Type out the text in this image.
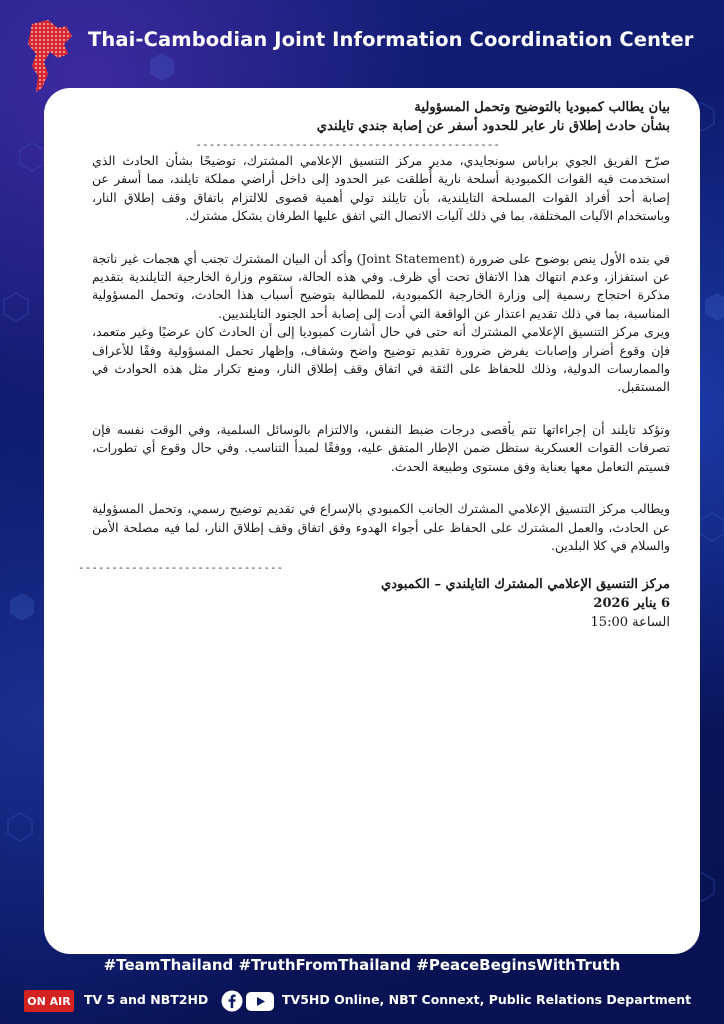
Thai-Cambodian Joint Information Coordination Center
بيان يطالب كمبوديا بالتوضيح وتحمل المسؤولية
بشأن حادث إطلاق نار عابر للحدود أسفر عن إصابة جندي تايلندي
----------------------------------------------

صرّح الفريق الجوي براباس سونجايدي، مدير مركز التنسيق الإعلامي المشترك، توضيحًا بشأن الحادث الذي استخدمت فيه القوات الكمبودية أسلحة نارية أُطلقت عبر الحدود إلى داخل أراضي مملكة تايلند، مما أسفر عن إصابة أحد أفراد القوات المسلحة التايلندية، بأن تايلند تولي أهمية قصوى للالتزام باتفاق وقف إطلاق النار، وباستخدام الآليات المختلفة، بما في ذلك آليات الاتصال التي اتفق عليها الطرفان بشكل مشترك.

في بنده الأول ينص بوضوح على ضرورة (Joint Statement) وأكد أن البيان المشترك تجنب أي هجمات غير ناتجة عن استفزاز، وعدم انتهاك هذا الاتفاق تحت أي ظرف. وفي هذه الحالة، ستقوم وزارة الخارجية التايلندية بتقديم مذكرة احتجاج رسمية إلى وزارة الخارجية الكمبودية، للمطالبة بتوضيح أسباب هذا الحادث، وتحمل المسؤولية المناسبة، بما في ذلك تقديم اعتذار عن الواقعة التي أدت إلى إصابة أحد الجنود التايلنديين.

ويرى مركز التنسيق الإعلامي المشترك أنه حتى في حال أشارت كمبوديا إلى أن الحادث كان عرضيًا وغير متعمد، فإن وقوع أضرار وإصابات يفرض ضرورة تقديم توضيح واضح وشفاف، وإظهار تحمل المسؤولية وفقًا للأعراف والممارسات الدولية، وذلك للحفاظ على الثقة في اتفاق وقف إطلاق النار، ومنع تكرار مثل هذه الحوادث في المستقبل.

وتؤكد تايلند أن إجراءاتها تتم بأقصى درجات ضبط النفس، والالتزام بالوسائل السلمية، وفي الوقت نفسه فإن تصرفات القوات العسكرية ستظل ضمن الإطار المتفق عليه، ووفقًا لمبدأ التناسب. وفي حال وقوع أي تطورات، فسيتم التعامل معها بعناية وفق مستوى وطبيعة الحدث.

ويطالب مركز التنسيق الإعلامي المشترك الجانب الكمبودي بالإسراع في تقديم توضيح رسمي، وتحمل المسؤولية عن الحادث، والعمل المشترك على الحفاظ على أجواء الهدوء وفق اتفاق وقف إطلاق النار، لما فيه مصلحة الأمن والسلام في كلا البلدين.

-------------------------------
مركز التنسيق الإعلامي المشترك التايلندي – الكمبودي
6 يناير 2026
الساعة 15:00
#TeamThailand #TruthFromThailand #PeaceBeginsWithTruth
ON AIR TV 5 and NBT2HD	TV5HD Online, NBT Connext, Public Relations Department
